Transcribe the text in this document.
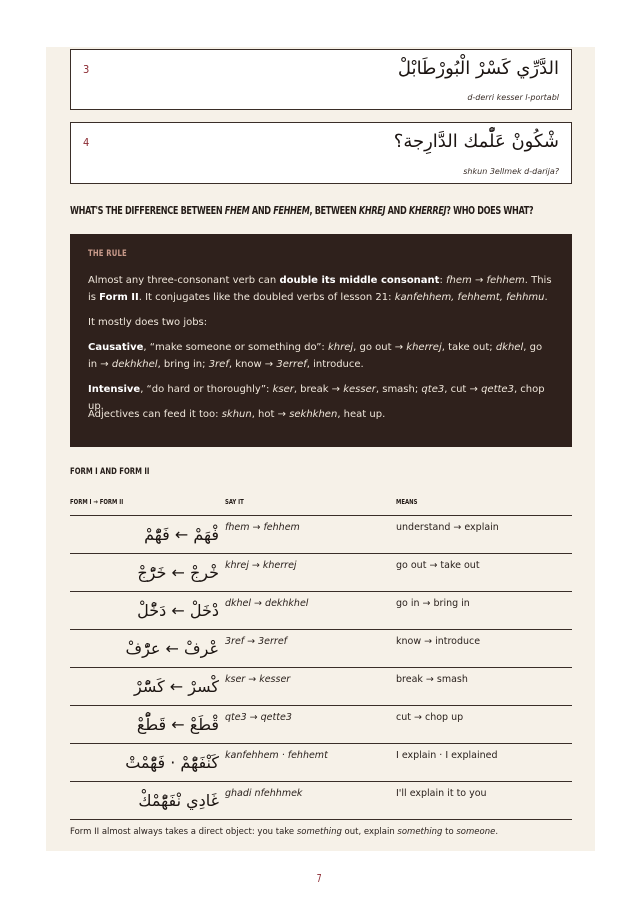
3	الدَّرِّي كَسْرْ الْبُورْطَابْلْ
d-derri kesser l-portabl
4	شْكُونْ عَلّْمك الدَّارِجة؟
shkun 3ellmek d-darija?
WHAT'S THE DIFFERENCE BETWEEN FHEM AND FEHHEM, BETWEEN KHREJ AND KHERREJ? WHO DOES WHAT?
THE RULE
Almost any three-consonant verb can double its middle consonant: fhem → fehhem. This is Form II. It conjugates like the doubled verbs of lesson 21: kanfehhem, fehhemt, fehhmu.
It mostly does two jobs:
Causative, “make someone or something do”: khrej, go out → kherrej, take out; dkhel, go in → dekhkhel, bring in; 3ref, know → 3erref, introduce.
Intensive, “do hard or thoroughly”: kser, break → kesser, smash; qte3, cut → qette3, chop up.
Adjectives can feed it too: skhun, hot → sekhkhen, heat up.
FORM I AND FORM II
FORM I → FORM II	SAY IT	MEANS
فْهَمْ ← فَهّْمْ fhem → fehhem	understand → explain
خْرجْ ← خَرّْجْ khrej → kherrej	go out → take out
دْخَلْ ← دَخّْلْ dkhel → dekhkhel	go in → bring in
عْرفْ ← عرّْفْ 3ref → 3erref	know → introduce
كْسرْ ← كَسّْرْ kser → kesser	break → smash
قْطَعْ ← قَطّْعْ qte3 → qette3	cut → chop up
كَنْفَهّْمْ · فَهّْمْتْ kanfehhem · fehhemt	I explain · I explained
غَادِي نْفَهّْمْكْ ghadi nfehhmek	I'll explain it to you
Form II almost always takes a direct object: you take something out, explain something to someone.
7
